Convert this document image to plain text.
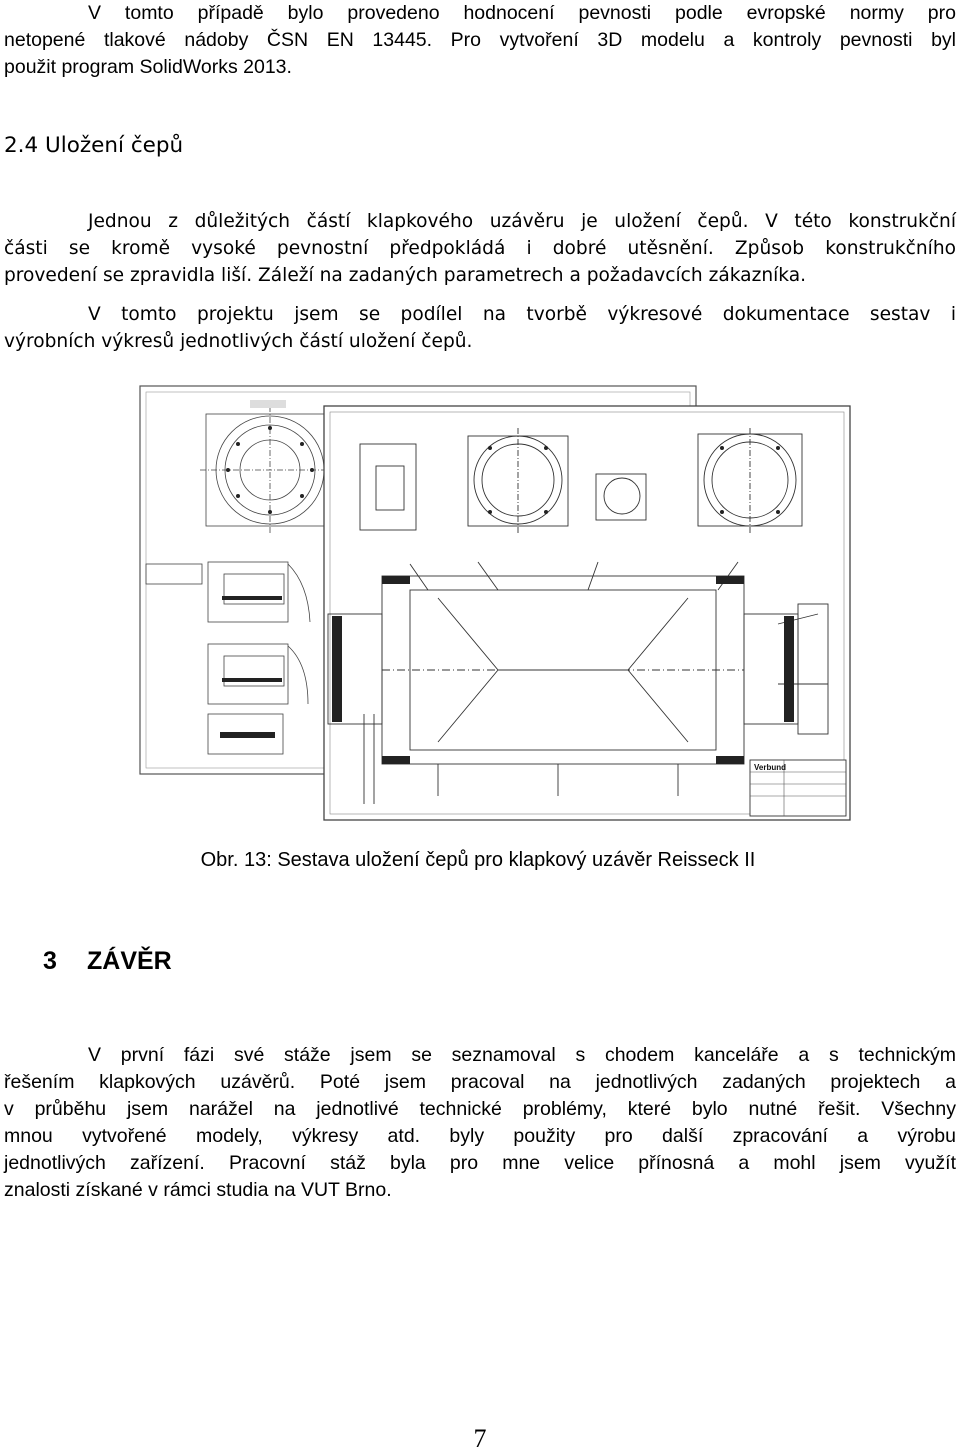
V tomto případě bylo provedeno hodnocení pevnosti podle evropské normy pro

netopené tlakové nádoby ČSN EN 13445. Pro vytvoření 3D modelu a kontroly pevnosti byl

použit program SolidWorks 2013.

2.4 Uložení čepů

Jednou z důležitých částí klapkového uzávěru je uložení čepů. V této konstrukční

části se kromě vysoké pevnostní předpokládá i dobré utěsnění. Způsob konstrukčního

provedení se zpravidla liší. Záleží na zadaných parametrech a požadavcích zákazníka.

V tomto projektu jsem se podílel na tvorbě výkresové dokumentace sestav i

výrobních výkresů jednotlivých částí uložení čepů.

Verbund
Obr. 13: Sestava uložení čepů pro klapkový uzávěr Reisseck II
3 ZÁVĚR

V první fázi své stáže jsem se seznamoval s chodem kanceláře a s technickým

řešením klapkových uzávěrů. Poté jsem pracoval na jednotlivých zadaných projektech a

v průběhu jsem narážel na jednotlivé technické problémy, které bylo nutné řešit. Všechny

mnou vytvořené modely, výkresy atd. byly použity pro další zpracování a výrobu

jednotlivých zařízení. Pracovní stáž byla pro mne velice přínosná a mohl jsem využít

znalosti získané v rámci studia na VUT Brno.

7
